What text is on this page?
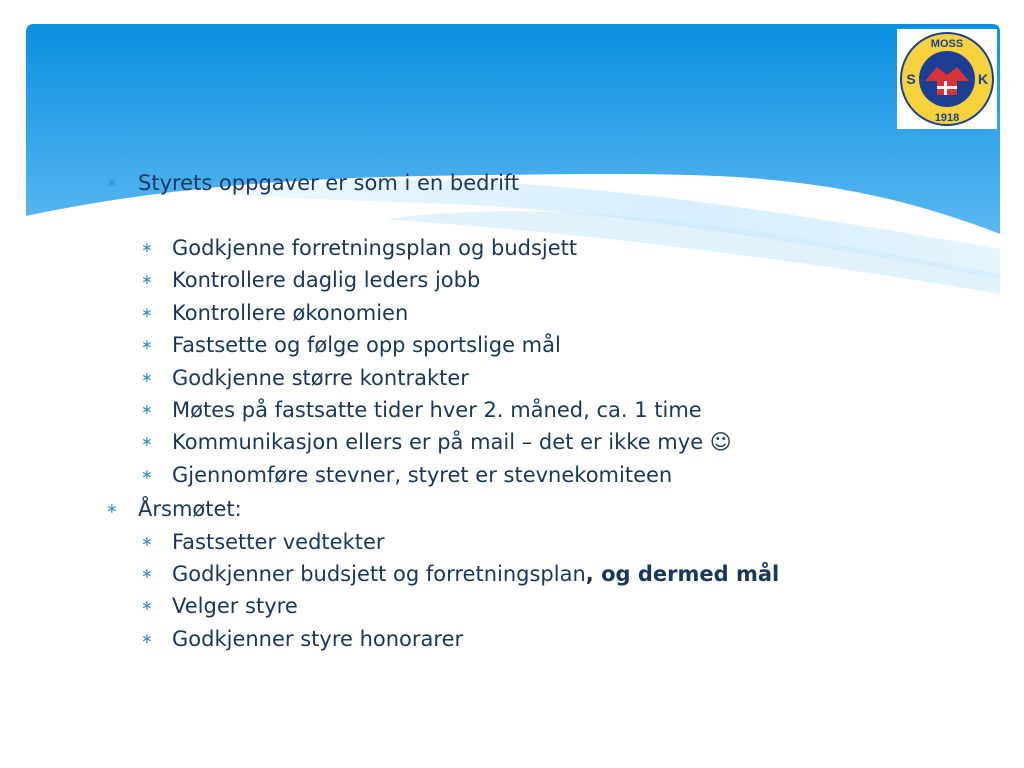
MOSS
S	K
1918
∗ Styrets oppgaver er som i en bedrift
∗ Godkjenne forretningsplan og budsjett
∗ Kontrollere daglig leders jobb
∗ Kontrollere økonomien
∗ Fastsette og følge opp sportslige mål
∗ Godkjenne større kontrakter
∗ Møtes på fastsatte tider hver 2. måned, ca. 1 time
∗ Kommunikasjon ellers er på mail – det er ikke mye ☺
∗ Gjennomføre stevner, styret er stevnekomiteen
∗ Årsmøtet:
∗ Fastsetter vedtekter
∗ Godkjenner budsjett og forretningsplan, og dermed mål
∗ Velger styre
∗ Godkjenner styre honorarer
